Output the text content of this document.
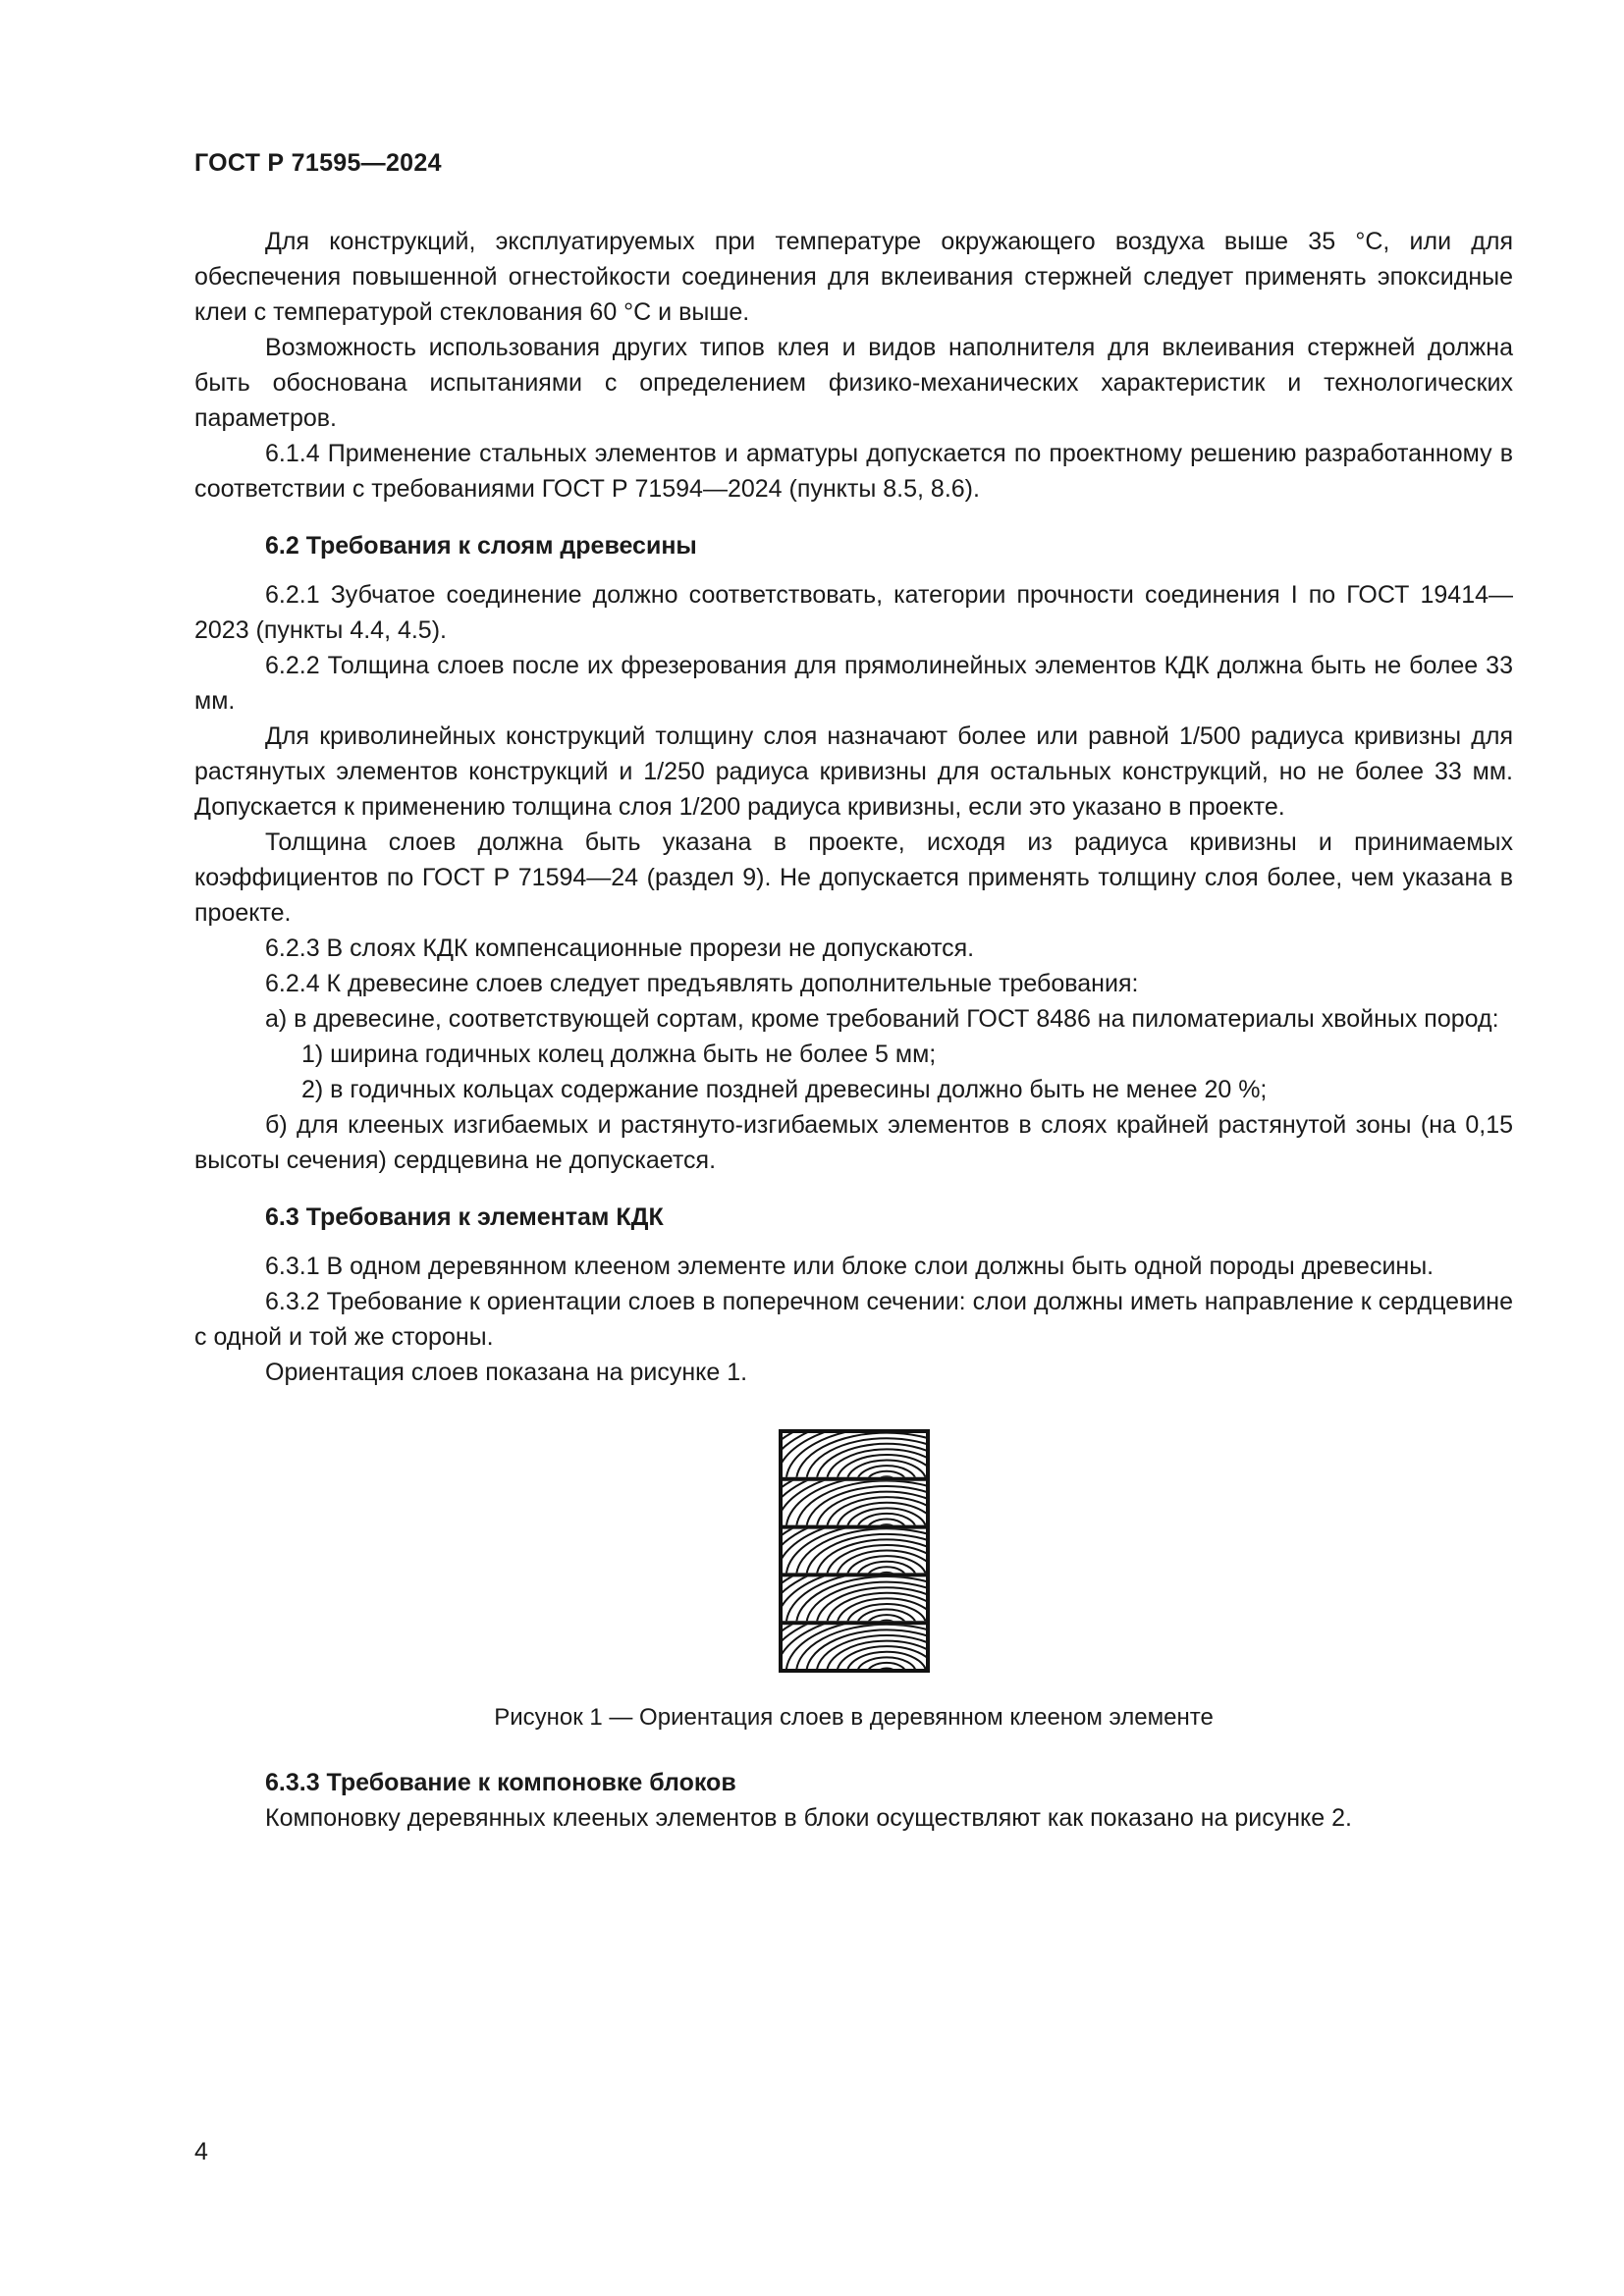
ГОСТ Р 71595—2024

Для конструкций, эксплуатируемых при температуре окружающего воздуха выше 35 °C, или для обеспечения повышенной огнестойкости соединения для вклеивания стержней следует применять эпоксидные клеи с температурой стеклования 60 °C и выше.

Возможность использования других типов клея и видов наполнителя для вклеивания стержней должна быть обоснована испытаниями с определением физико-механических характеристик и технологических параметров.

6.1.4 Применение стальных элементов и арматуры допускается по проектному решению разработанному в соответствии с требованиями ГОСТ Р 71594—2024 (пункты 8.5, 8.6).

6.2 Требования к слоям древесины

6.2.1 Зубчатое соединение должно соответствовать, категории прочности соединения I по ГОСТ 19414—2023 (пункты 4.4, 4.5).

6.2.2 Толщина слоев после их фрезерования для прямолинейных элементов КДК должна быть не более 33 мм.

Для криволинейных конструкций толщину слоя назначают более или равной 1/500 радиуса кривизны для растянутых элементов конструкций и 1/250 радиуса кривизны для остальных конструкций, но не более 33 мм. Допускается к применению толщина слоя 1/200 радиуса кривизны, если это указано в проекте.

Толщина слоев должна быть указана в проекте, исходя из радиуса кривизны и принимаемых коэффициентов по ГОСТ Р 71594—24 (раздел 9). Не допускается применять толщину слоя более, чем указана в проекте.

6.2.3 В слоях КДК компенсационные прорези не допускаются.

6.2.4 К древесине слоев следует предъявлять дополнительные требования:

а) в древесине, соответствующей сортам, кроме требований ГОСТ 8486 на пиломатериалы хвойных пород:

1) ширина годичных колец должна быть не более 5 мм;

2) в годичных кольцах содержание поздней древесины должно быть не менее 20 %;

б) для клееных изгибаемых и растянуто-изгибаемых элементов в слоях крайней растянутой зоны (на 0,15 высоты сечения) сердцевина не допускается.

6.3 Требования к элементам КДК

6.3.1 В одном деревянном клееном элементе или блоке слои должны быть одной породы древесины.

6.3.2 Требование к ориентации слоев в поперечном сечении: слои должны иметь направление к сердцевине с одной и той же стороны.

Ориентация слоев показана на рисунке 1.

Рисунок 1 — Ориентация слоев в деревянном клееном элементе

6.3.3 Требование к компоновке блоков

Компоновку деревянных клееных элементов в блоки осуществляют как показано на рисунке 2.

4
